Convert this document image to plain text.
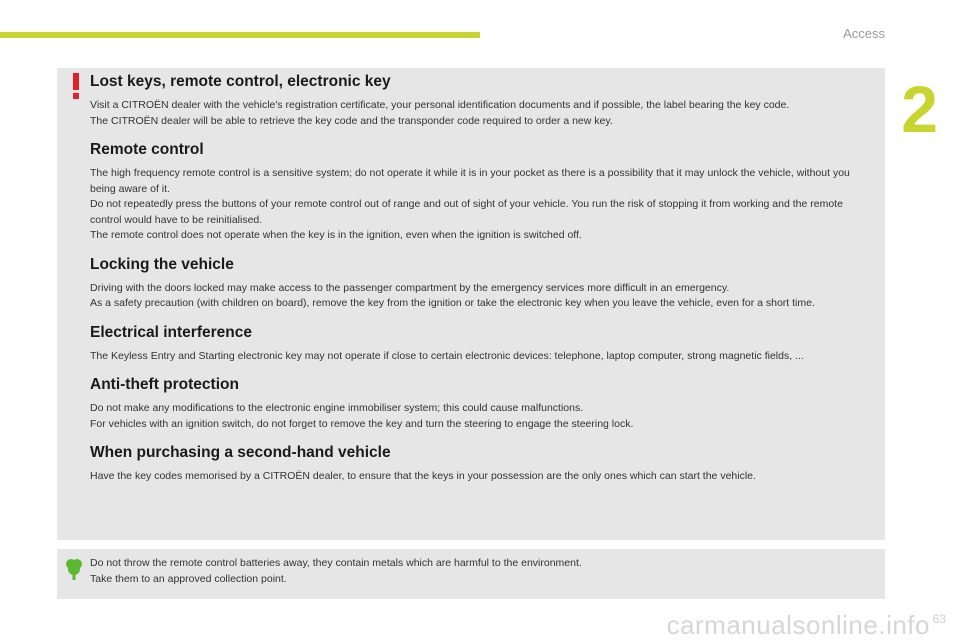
Access
2
Lost keys, remote control, electronic key

Visit a CITROËN dealer with the vehicle's registration certificate, your personal identification documents and if possible, the label bearing the key code.

The CITROËN dealer will be able to retrieve the key code and the transponder code required to order a new key.

Remote control

The high frequency remote control is a sensitive system; do not operate it while it is in your pocket as there is a possibility that it may unlock the vehicle, without you being aware of it.

Do not repeatedly press the buttons of your remote control out of range and out of sight of your vehicle. You run the risk of stopping it from working and the remote control would have to be reinitialised.

The remote control does not operate when the key is in the ignition, even when the ignition is switched off.

Locking the vehicle

Driving with the doors locked may make access to the passenger compartment by the emergency services more difficult in an emergency.

As a safety precaution (with children on board), remove the key from the ignition or take the electronic key when you leave the vehicle, even for a short time.

Electrical interference

The Keyless Entry and Starting electronic key may not operate if close to certain electronic devices: telephone, laptop computer, strong magnetic fields, ...

Anti-theft protection

Do not make any modifications to the electronic engine immobiliser system; this could cause malfunctions.

For vehicles with an ignition switch, do not forget to remove the key and turn the steering to engage the steering lock.

When purchasing a second-hand vehicle

Have the key codes memorised by a CITROËN dealer, to ensure that the keys in your possession are the only ones which can start the vehicle.

Do not throw the remote control batteries away, they contain metals which are harmful to the environment.
Take them to an approved collection point.
carmanualsonline.info 63
